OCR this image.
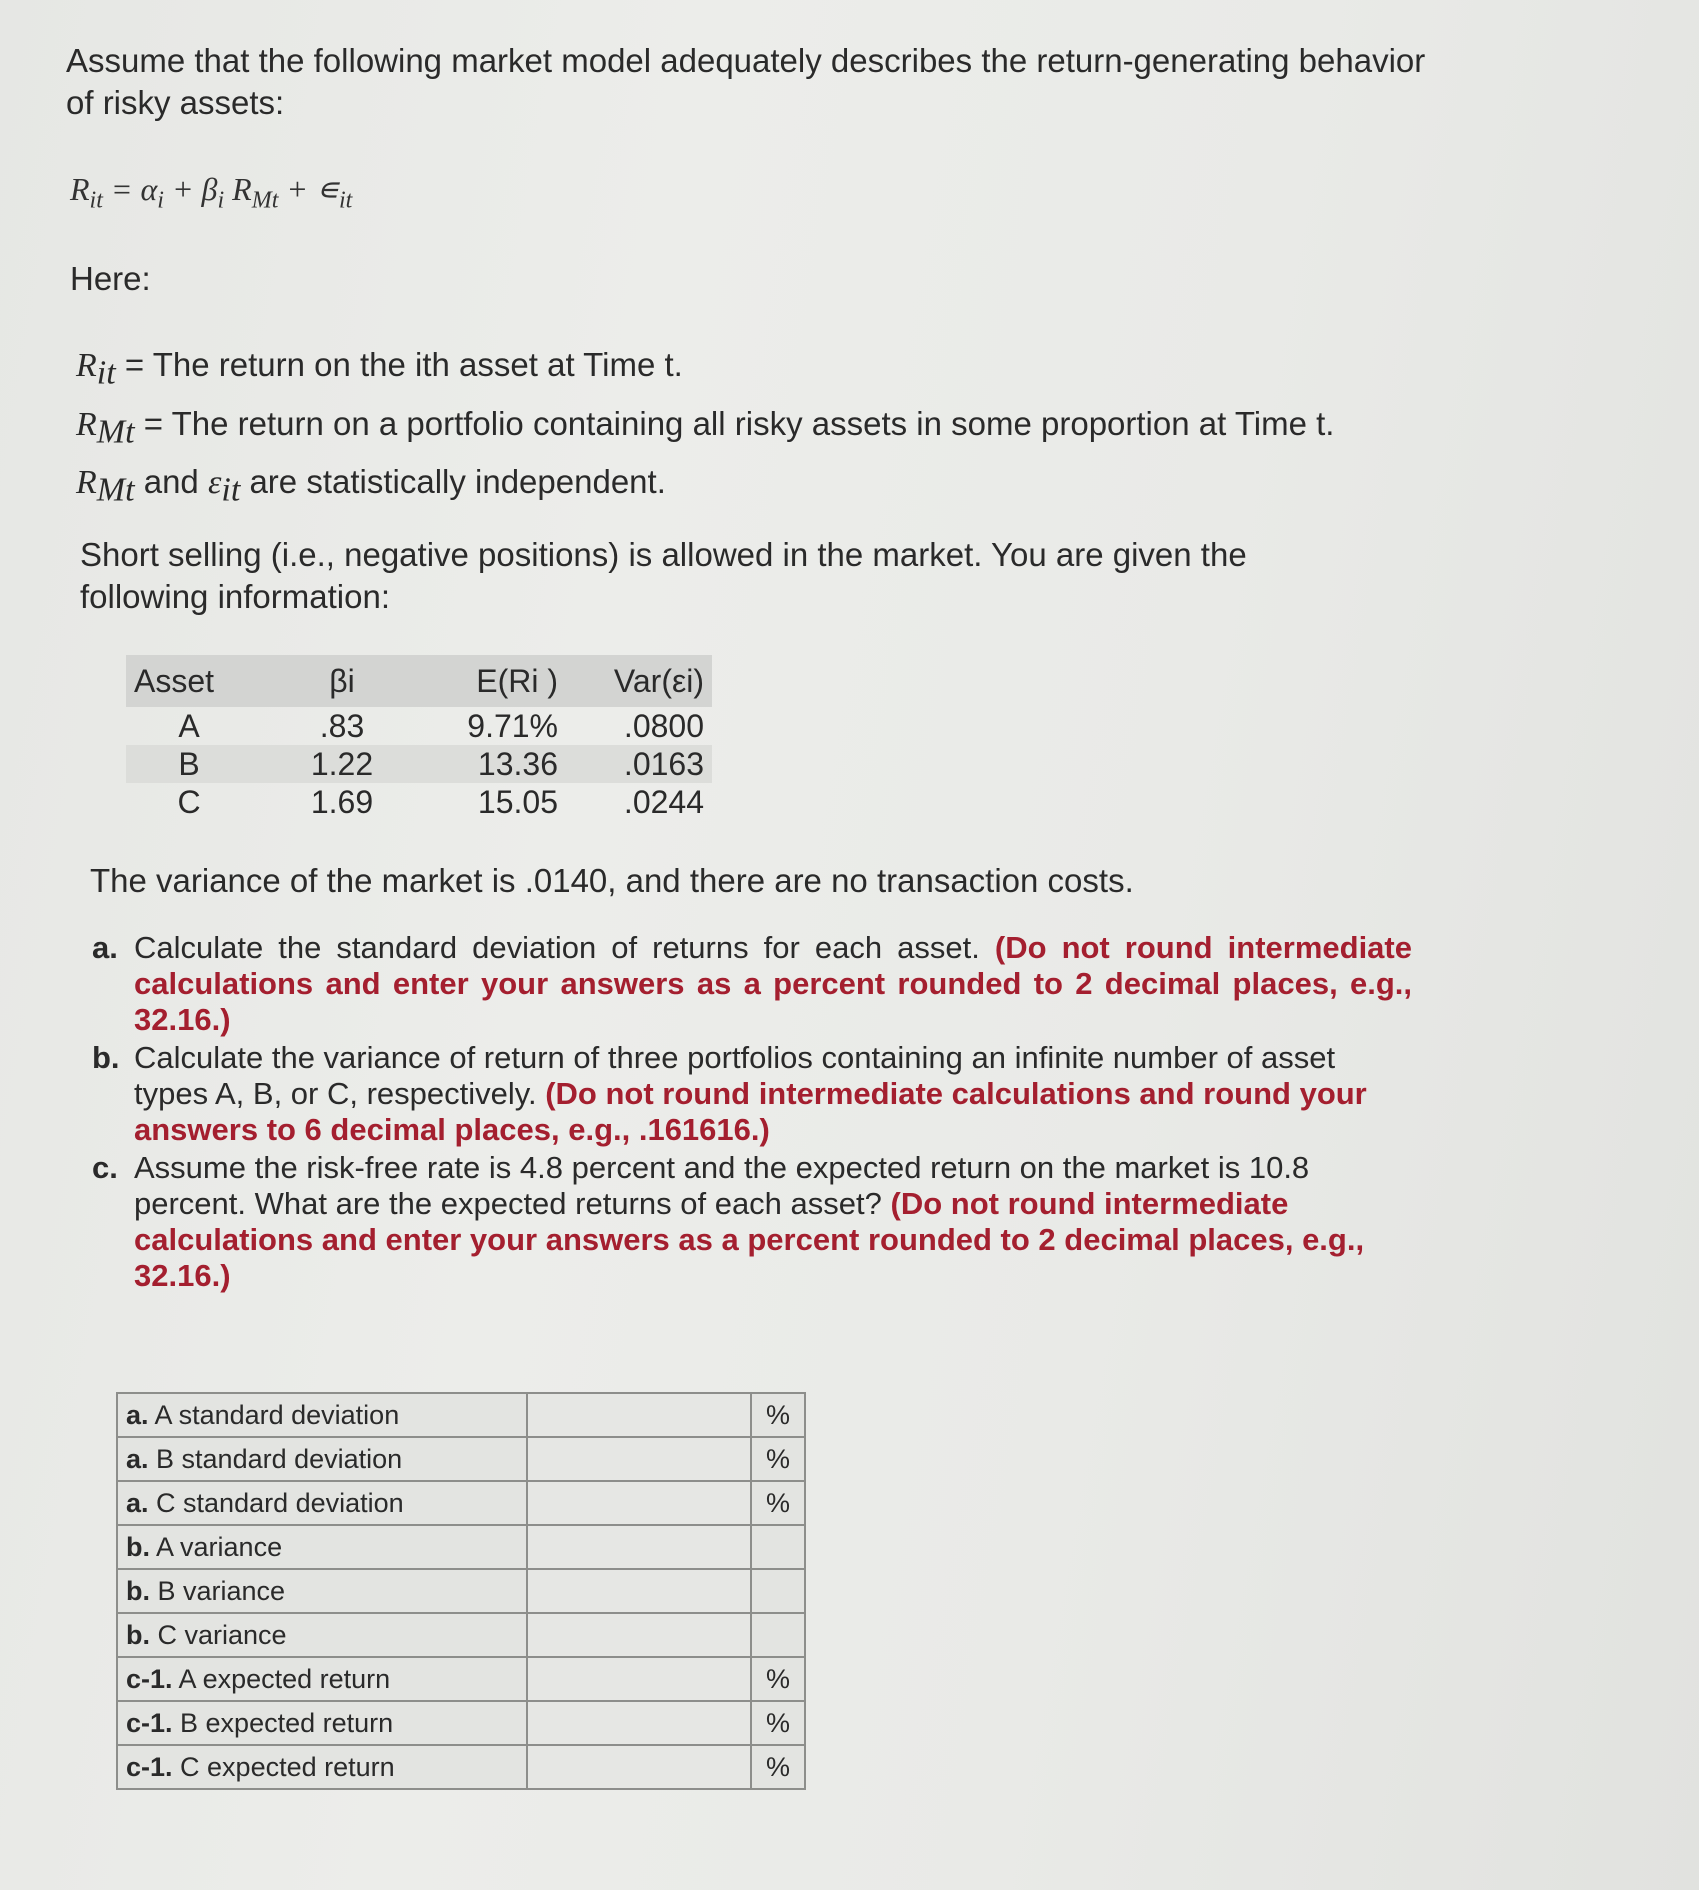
Assume that the following market model adequately describes the return-generating behavior of risky assets:

$R_{it} = \alpha_i + \beta_i$ $R_{Mt}$ + $∊_{it}$

Here:

$R_{it}$ = The return on the ith asset at Time t.
$R_{Mt}$ = The return on a portfolio containing all risky assets in some proportion at Time t.
$R_{Mt}$ and $\varepsilon_{it}$ are statistically independent.

Short selling (i.e., negative positions) is allowed in the market. You are given the following information:

Asset	βi	E(Ri )	Var(εi)
A	.83	9.71%	.0800
B	1.22	13.36	.0163
C	1.69	15.05	.0244

The variance of the market is .0140, and there are no transaction costs.

a. Calculate the standard deviation of returns for each asset. (Do not round intermediate calculations and enter your answers as a percent rounded to 2 decimal places, e.g., 32.16.)
b. Calculate the variance of return of three portfolios containing an infinite number of asset types A, B, or C, respectively. (Do not round intermediate calculations and round your answers to 6 decimal places, e.g., .161616.)
c. Assume the risk-free rate is 4.8 percent and the expected return on the market is 10.8 percent. What are the expected returns of each asset? (Do not round intermediate calculations and enter your answers as a percent rounded to 2 decimal places, e.g., 32.16.)
a. A standard deviation		%
a. B standard deviation		%
a. C standard deviation		%
b. A variance		
b. B variance		
b. C variance		
c-1. A expected return		%
c-1. B expected return		%
c-1. C expected return		%
